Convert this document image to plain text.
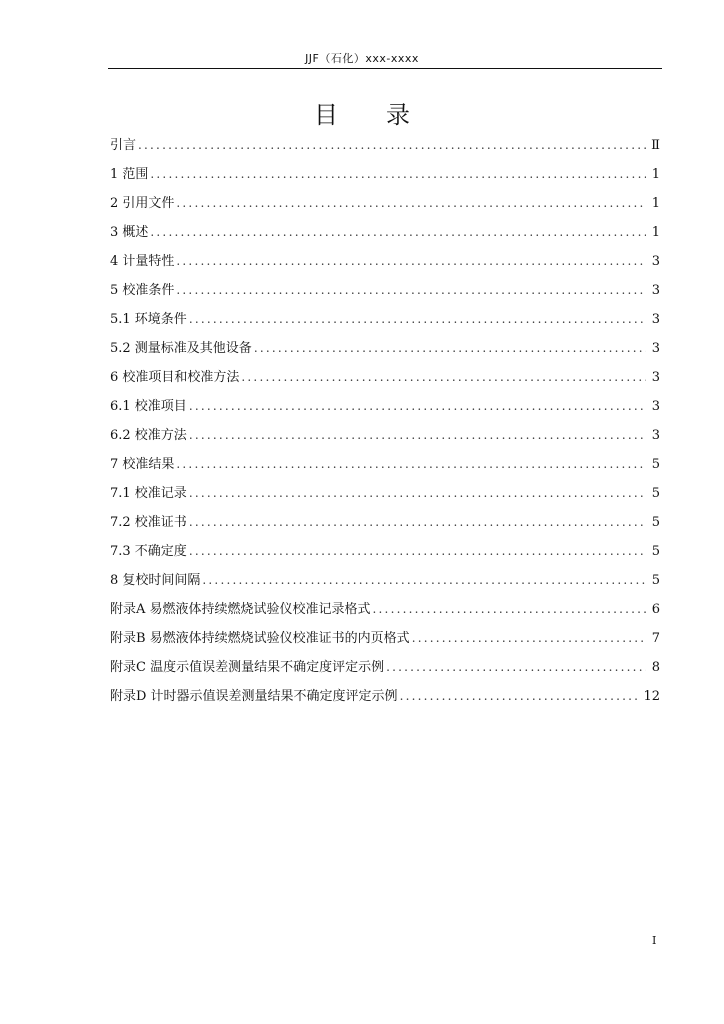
JJF（石化）xxx-xxxx
目录
引言 .....	Ⅱ
1 范围 .....	1
2 引用文件 .....	1
3 概述 .....	1
4 计量特性 .....	3
5 校准条件 .....	3
5.1 环境条件 .....	3
5.2 测量标准及其他设备 .....	3
6 校准项目和校准方法 .....	3
6.1 校准项目 .....	3
6.2 校准方法 .....	3
7 校准结果 .....	5
7.1 校准记录 .....	5
7.2 校准证书 .....	5
7.3 不确定度 .....	5
8 复校时间间隔 .....	5
附录A 易燃液体持续燃烧试验仪校准记录格式 .....	6
附录B 易燃液体持续燃烧试验仪校准证书的内页格式 .....	7
附录C 温度示值误差测量结果不确定度评定示例 .....	8
附录D 计时器示值误差测量结果不确定度评定示例 .....	12
I
